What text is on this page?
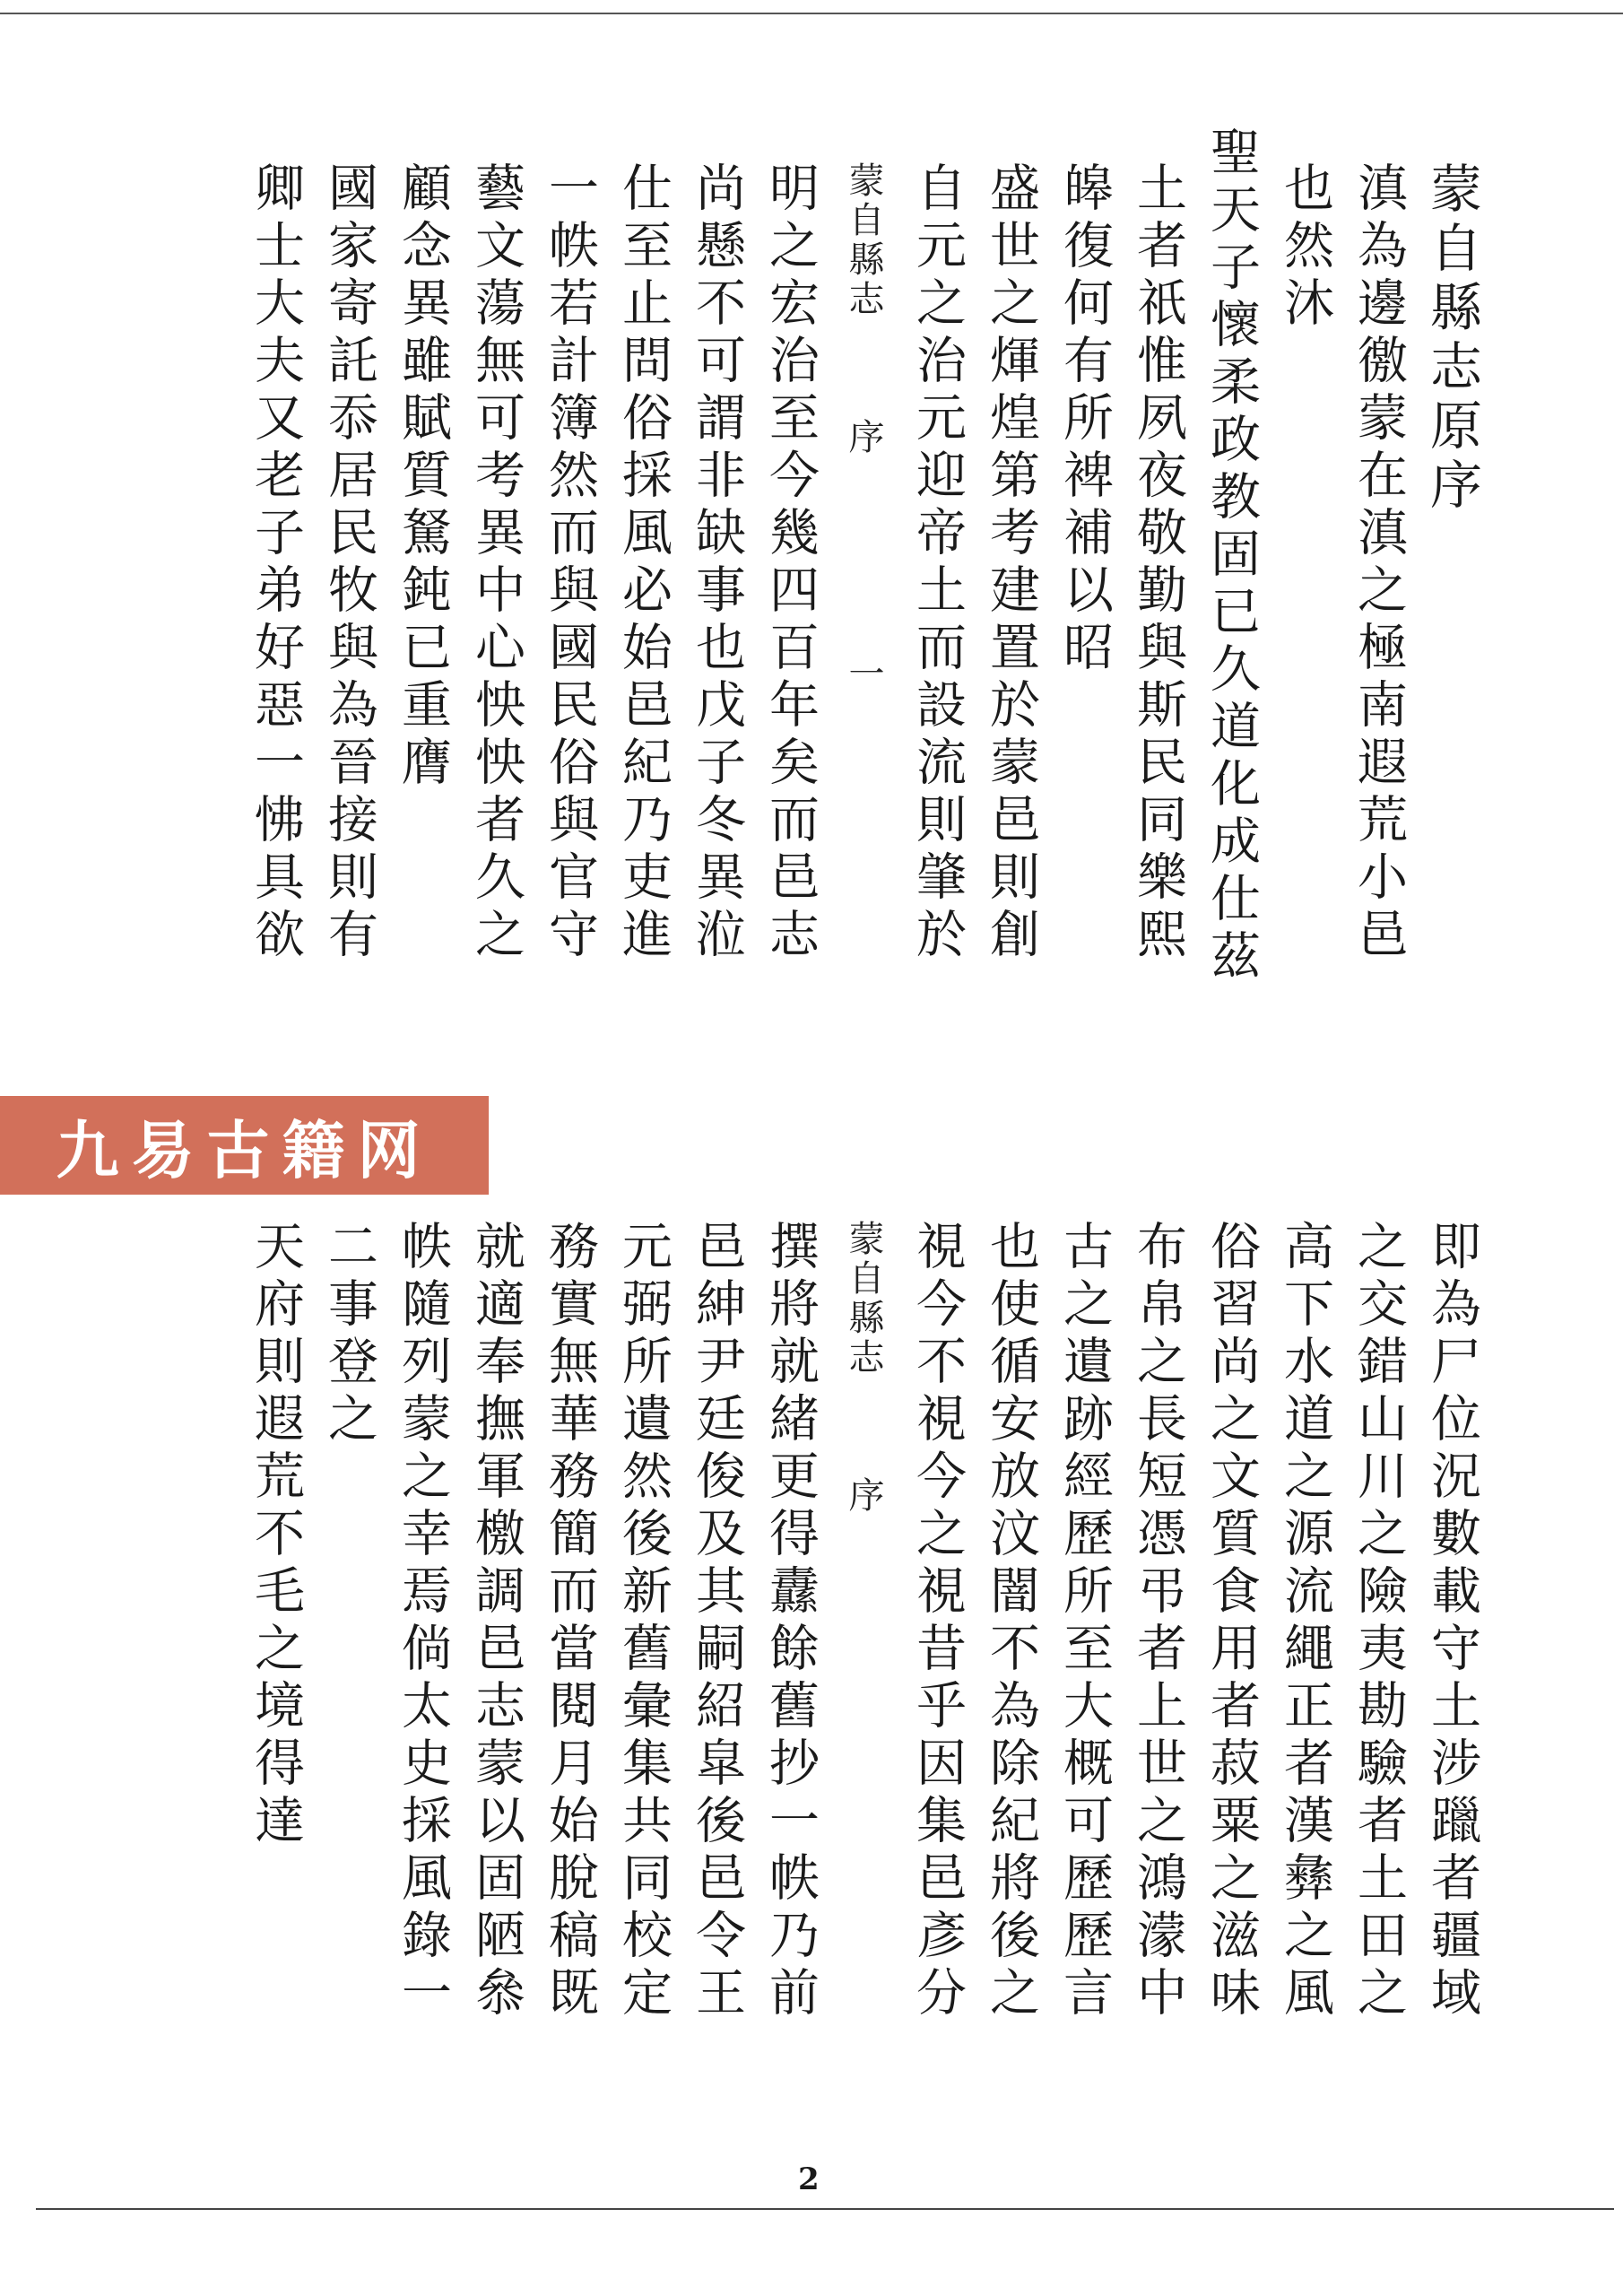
蒙自縣志原序
滇為邊徼蒙在滇之極南遐荒小邑
也然沐
聖天子懷柔政教固已久道化成仕茲
土者祇惟夙夜敬勤與斯民同樂熙
皞復何有所裨補以昭
盛世之煇煌第考建置於蒙邑則創
自元之治元迎帝土而設流則肇於
蒙自縣志序一
明之宏治至今幾四百年矣而邑志
尚懸不可謂非缺事也戊子冬異涖
仕至止問俗採風必始邑紀乃吏進
一帙若計簿然而與國民俗與官守
藝文蕩無可考異中心怏怏者久之
顧念異雖賦質駑鈍已重膺
國家寄託忝居民牧與為晉接則有
卿士大夫又老子弟好惡一怫具欲
即為尸位況數載守土涉躐者疆域
之交錯山川之險夷勘驗者土田之
高下水道之源流繩正者漢彝之風
俗習尚之文質食用者菽粟之滋味
布帛之長短憑弔者上世之鴻濛中
古之遺跡經歷所至大概可歷歷言
也使循安放汶闇不為除紀將後之
視今不視今之視昔乎因集邑彥分
蒙自縣志序
撰將就緒更得纛餘舊抄一帙乃前
邑紳尹廷俊及其嗣紹皐後邑令王
元弼所遺然後新舊彙集共同校定
務實無華務簡而當閱月始脫稿既
就適奉撫軍檄調邑志蒙以固陋叅
帙隨列蒙之幸焉倘太史採風錄一
二事登之
天府則遐荒不毛之境得達
九易古籍网
2
